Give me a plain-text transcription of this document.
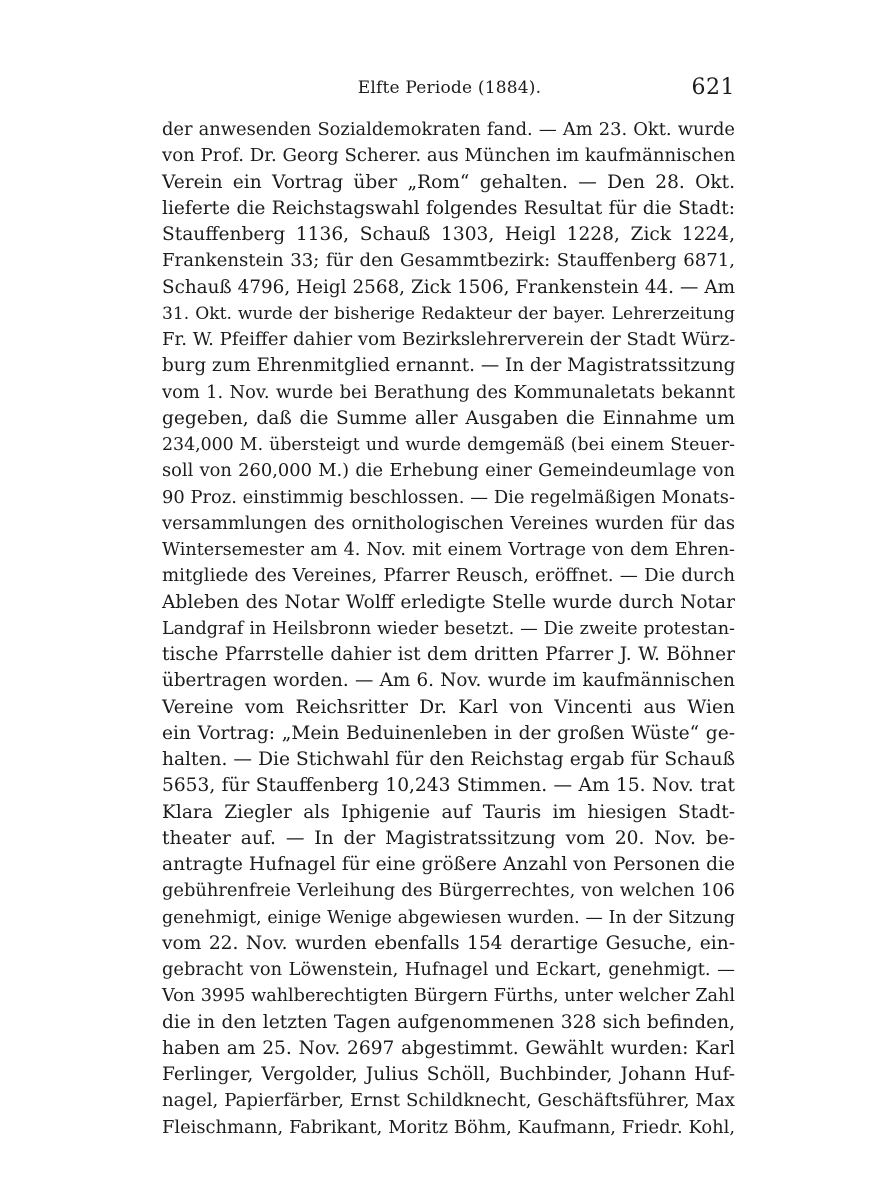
Elfte Periode (1884).	621
der anwesenden Sozialdemokraten fand. — Am 23. Okt. wurde
von Prof. Dr. Georg Scherer. aus München im kaufmännischen
Verein ein Vortrag über „Rom“ gehalten. — Den 28. Okt.
lieferte die Reichstagswahl folgendes Resultat für die Stadt:
Stauffenberg 1136, Schauß 1303, Heigl 1228, Zick 1224,
Frankenstein 33; für den Gesammtbezirk: Stauffenberg 6871,
Schauß 4796, Heigl 2568, Zick 1506, Frankenstein 44. — Am
31. Okt. wurde der bisherige Redakteur der bayer. Lehrerzeitung
Fr. W. Pfeiffer dahier vom Bezirkslehrerverein der Stadt Würz-
burg zum Ehrenmitglied ernannt. — In der Magistratssitzung
vom 1. Nov. wurde bei Berathung des Kommunaletats bekannt
gegeben, daß die Summe aller Ausgaben die Einnahme um
234,000 M. übersteigt und wurde demgemäß (bei einem Steuer-
soll von 260,000 M.) die Erhebung einer Gemeindeumlage von
90 Proz. einstimmig beschlossen. — Die regelmäßigen Monats-
versammlungen des ornithologischen Vereines wurden für das
Wintersemester am 4. Nov. mit einem Vortrage von dem Ehren-
mitgliede des Vereines, Pfarrer Reusch, eröffnet. — Die durch
Ableben des Notar Wolff erledigte Stelle wurde durch Notar
Landgraf in Heilsbronn wieder besetzt. — Die zweite protestan-
tische Pfarrstelle dahier ist dem dritten Pfarrer J. W. Böhner
übertragen worden. — Am 6. Nov. wurde im kaufmännischen
Vereine vom Reichsritter Dr. Karl von Vincenti aus Wien
ein Vortrag: „Mein Beduinenleben in der großen Wüste“ ge-
halten. — Die Stichwahl für den Reichstag ergab für Schauß
5653, für Stauffenberg 10,243 Stimmen. — Am 15. Nov. trat
Klara Ziegler als Iphigenie auf Tauris im hiesigen Stadt-
theater auf. — In der Magistratssitzung vom 20. Nov. be-
antragte Hufnagel für eine größere Anzahl von Personen die
gebührenfreie Verleihung des Bürgerrechtes, von welchen 106
genehmigt, einige Wenige abgewiesen wurden. — In der Sitzung
vom 22. Nov. wurden ebenfalls 154 derartige Gesuche, ein-
gebracht von Löwenstein, Hufnagel und Eckart, genehmigt. —
Von 3995 wahlberechtigten Bürgern Fürths, unter welcher Zahl
die in den letzten Tagen aufgenommenen 328 sich befinden,
haben am 25. Nov. 2697 abgestimmt. Gewählt wurden: Karl
Ferlinger, Vergolder, Julius Schöll, Buchbinder, Johann Huf-
nagel, Papierfärber, Ernst Schildknecht, Geschäftsführer, Max
Fleischmann, Fabrikant, Moritz Böhm, Kaufmann, Friedr. Kohl,
